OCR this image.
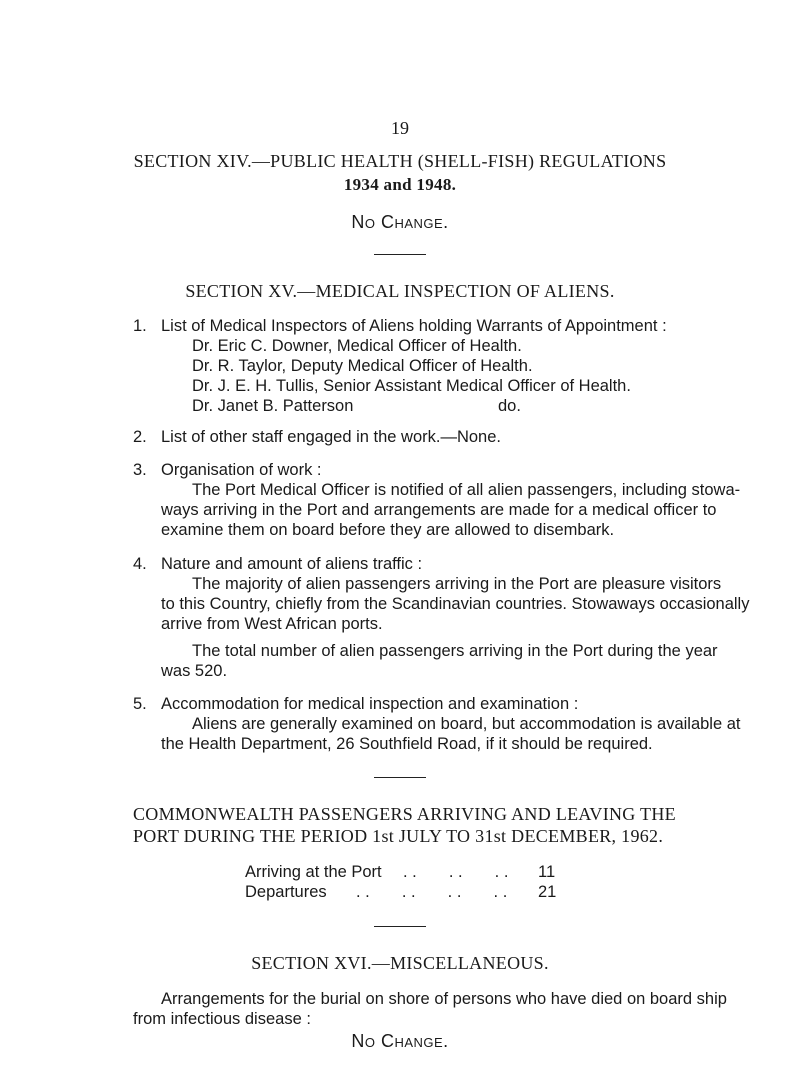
19
SECTION XIV.—PUBLIC HEALTH (SHELL-FISH) REGULATIONS
1934 and 1948.
No Change.
SECTION XV.—MEDICAL INSPECTION OF ALIENS.
1. List of Medical Inspectors of Aliens holding Warrants of Appointment :
Dr. Eric C. Downer, Medical Officer of Health.
Dr. R. Taylor, Deputy Medical Officer of Health.
Dr. J. E. H. Tullis, Senior Assistant Medical Officer of Health.
Dr. Janet B. Patterson	do.
2. List of other staff engaged in the work.—None.
3. Organisation of work :
The Port Medical Officer is notified of all alien passengers, including stowa-
ways arriving in the Port and arrangements are made for a medical officer to
examine them on board before they are allowed to disembark.
4. Nature and amount of aliens traffic :
The majority of alien passengers arriving in the Port are pleasure visitors
to this Country, chiefly from the Scandinavian countries. Stowaways occasionally
arrive from West African ports.
The total number of alien passengers arriving in the Port during the year
was 520.
5. Accommodation for medical inspection and examination :
Aliens are generally examined on board, but accommodation is available at
the Health Department, 26 Southfield Road, if it should be required.
COMMONWEALTH PASSENGERS ARRIVING AND LEAVING THE
PORT DURING THE PERIOD 1st JULY TO 31st DECEMBER, 1962.
Arriving at the Port . .       . .       . . 11
Departures . .       . .       . .       . . 21
SECTION XVI.—MISCELLANEOUS.
Arrangements for the burial on shore of persons who have died on board ship
from infectious disease :
No Change.
